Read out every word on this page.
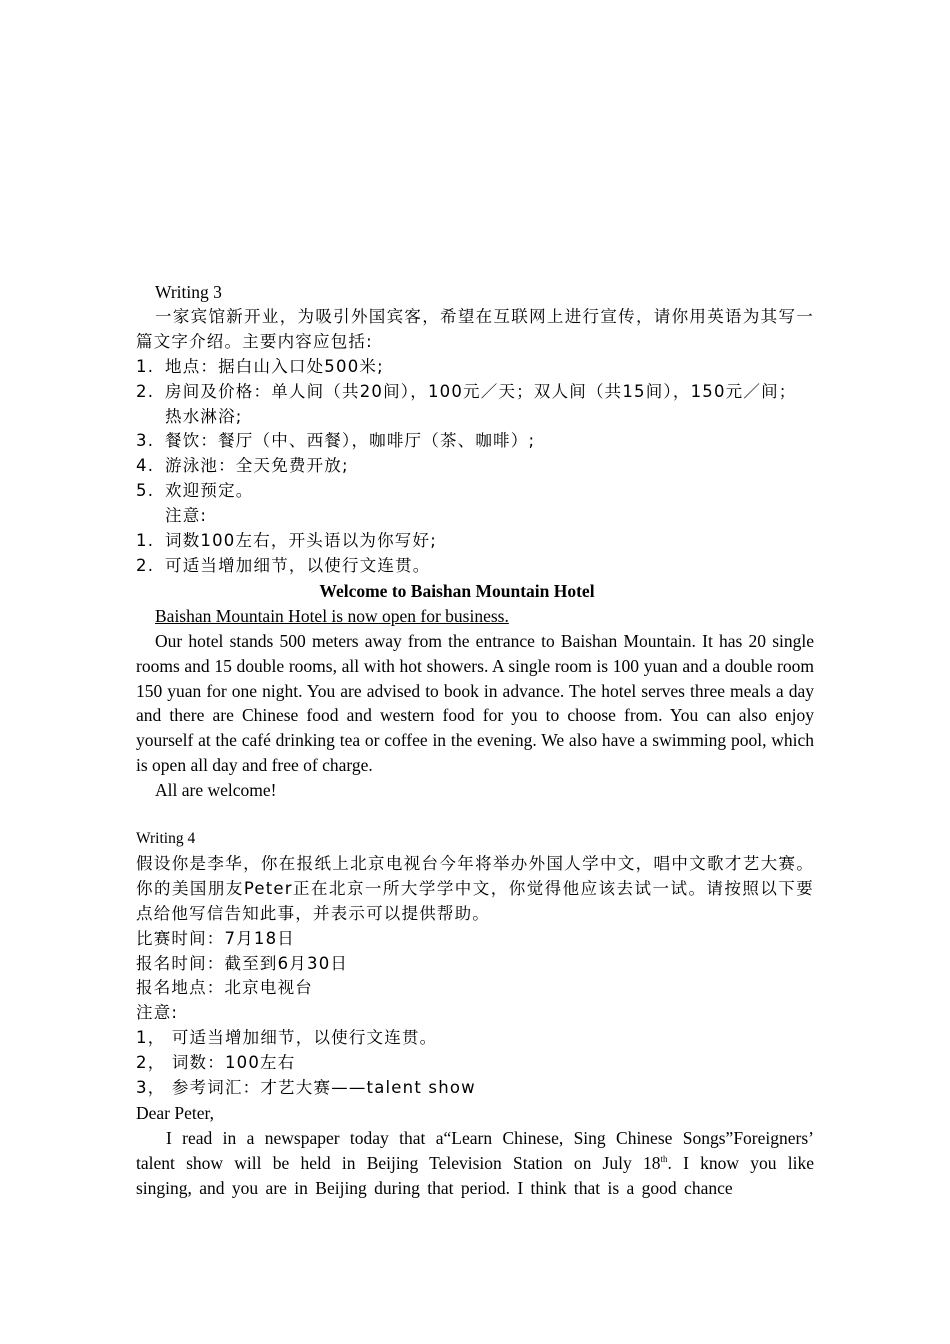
Writing 3
一家宾馆新开业，为吸引外国宾客，希望在互联网上进行宣传，请你用英语为其写一篇文字介绍。主要内容应包括:
1. 地点：据白山入口处500米;
2. 房间及价格：单人间（共20间），100元／天；双人间（共15间），150元／间；热水淋浴;
3. 餐饮：餐厅（中、西餐），咖啡厅（茶、咖啡）;
4. 游泳池：全天免费开放;
5. 欢迎预定。
注意:
1. 词数100左右，开头语以为你写好;
2. 可适当增加细节，以使行文连贯。
Welcome to Baishan Mountain Hotel
Baishan Mountain Hotel is now open for business.
Our hotel stands 500 meters away from the entrance to Baishan Mountain. It has 20 single rooms and 15 double rooms, all with hot showers. A single room is 100 yuan and a double room 150 yuan for one night. You are advised to book in advance. The hotel serves three meals a day and there are Chinese food and western food for you to choose from. You can also enjoy yourself at the café drinking tea or coffee in the evening. We also have a swimming pool, which is open all day and free of charge.
All are welcome!
Writing 4
假设你是李华，你在报纸上北京电视台今年将举办外国人学中文，唱中文歌才艺大赛。你的美国朋友Peter正在北京一所大学学中文，你觉得他应该去试一试。请按照以下要点给他写信告知此事，并表示可以提供帮助。
比赛时间：7月18日
报名时间：截至到6月30日
报名地点：北京电视台
注意:
1， 可适当增加细节，以使行文连贯。
2， 词数：100左右
3， 参考词汇：才艺大赛——talent show
Dear Peter,
I read in a newspaper today that a“Learn Chinese, Sing Chinese Songs”Foreigners’ talent show will be held in Beijing Television Station on July 18th. I know you like singing, and you are in Beijing during that period. I think that is a good chance
